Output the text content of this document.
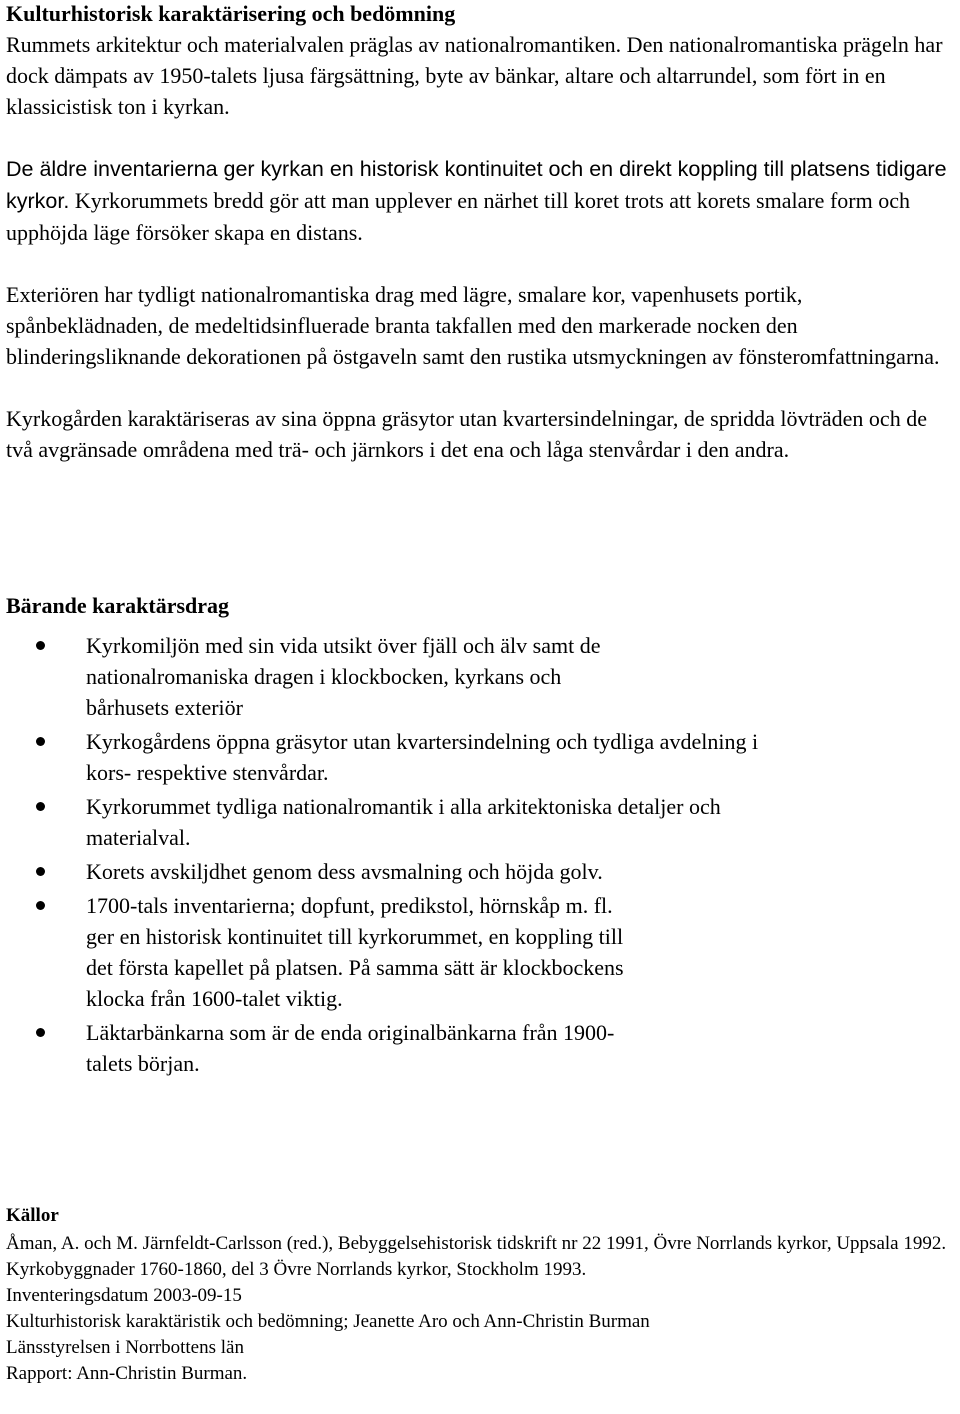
Kulturhistorisk karaktärisering och bedömning

Rummets arkitektur och materialvalen präglas av nationalromantiken. Den nationalromantiska prägeln har dock dämpats av 1950-talets ljusa färgsättning, byte av bänkar, altare och altarrundel, som fört in en klassicistisk ton i kyrkan.

De äldre inventarierna ger kyrkan en historisk kontinuitet och en direkt koppling till platsens tidigare kyrkor. Kyrkorummets bredd gör att man upplever en närhet till koret trots att korets smalare form och upphöjda läge försöker skapa en distans.

Exteriören har tydligt nationalromantiska drag med lägre, smalare kor, vapenhusets portik, spånbeklädnaden, de medeltidsinfluerade branta takfallen med den markerade nocken den blinderingsliknande dekorationen på östgaveln samt den rustika utsmyckningen av fönsteromfattningarna.

Kyrkogården karaktäriseras av sina öppna gräsytor utan kvartersindelningar, de spridda lövträden och de två avgränsade områdena med trä- och järnkors i det ena och låga stenvårdar i den andra.

Bärande karaktärsdrag
Kyrkomiljön med sin vida utsikt över fjäll och älv samt de
nationalromaniska dragen i klockbocken, kyrkans och
bårhusets exteriör
Kyrkogårdens öppna gräsytor utan kvartersindelning och tydliga avdelning i
kors- respektive stenvårdar.
Kyrkorummet tydliga nationalromantik i alla arkitektoniska detaljer och
materialval.
Korets avskiljdhet genom dess avsmalning och höjda golv.
1700-tals inventarierna; dopfunt, predikstol, hörnskåp m. fl.
ger en historisk kontinuitet till kyrkorummet, en koppling till
det första kapellet på platsen. På samma sätt är klockbockens
klocka från 1600-talet viktig.
Läktarbänkarna som är de enda originalbänkarna från 1900-
talets början.
Källor

Åman, A. och M. Järnfeldt-Carlsson (red.), Bebyggelsehistorisk tidskrift nr 22 1991, Övre Norrlands kyrkor, Uppsala 1992.

Kyrkobyggnader 1760-1860, del 3 Övre Norrlands kyrkor, Stockholm 1993.

Inventeringsdatum 2003-09-15

Kulturhistorisk karaktäristik och bedömning; Jeanette Aro och Ann-Christin Burman

Länsstyrelsen i Norrbottens län

Rapport: Ann-Christin Burman.
